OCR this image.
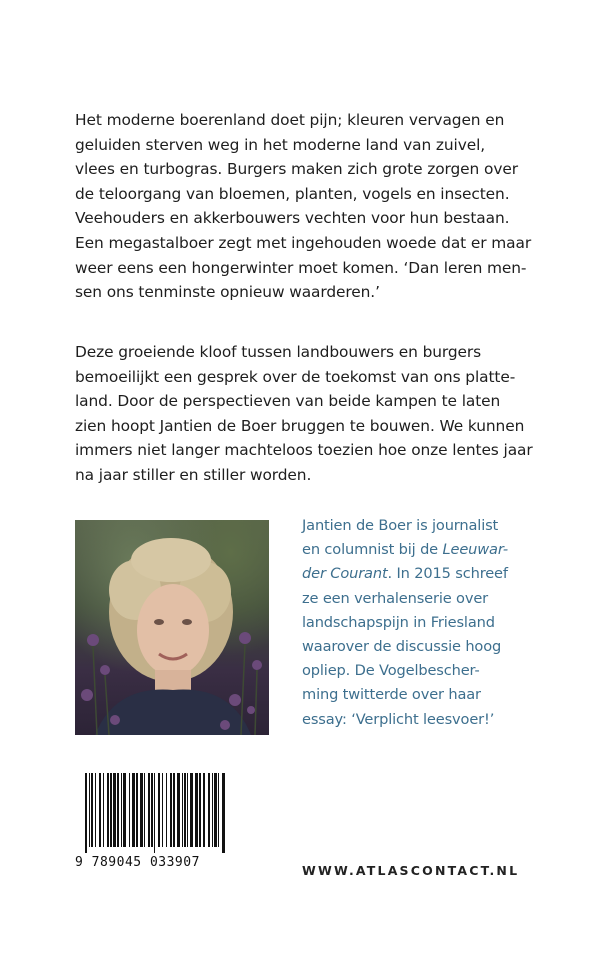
Het moderne boerenland doet pijn; kleuren vervagen en
geluiden sterven weg in het moderne land van zuivel,
vlees en turbogras. Burgers maken zich grote zorgen over
de teloorgang van bloemen, planten, vogels en insecten.
Veehouders en akkerbouwers vechten voor hun bestaan.
Een megastalboer zegt met ingehouden woede dat er maar
weer eens een hongerwinter moet komen. ‘Dan leren men-
sen ons tenminste opnieuw waarderen.’

Deze groeiende kloof tussen landbouwers en burgers
bemoeilijkt een gesprek over de toekomst van ons platte-
land. Door de perspectieven van beide kampen te laten
zien hoopt Jantien de Boer bruggen te bouwen. We kunnen
immers niet langer machteloos toezien hoe onze lentes jaar
na jaar stiller en stiller worden.

Jantien de Boer is journalist
en columnist bij de Leeuwar-
der Courant. In 2015 schreef
ze een verhalenserie over
landschapspijn in Friesland
waarover de discussie hoog
opliep. De Vogelbescher-
ming twitterde over haar
essay: ‘Verplicht leesvoer!’

9 789045 033907
WWW.ATLASCONTACT.NL
